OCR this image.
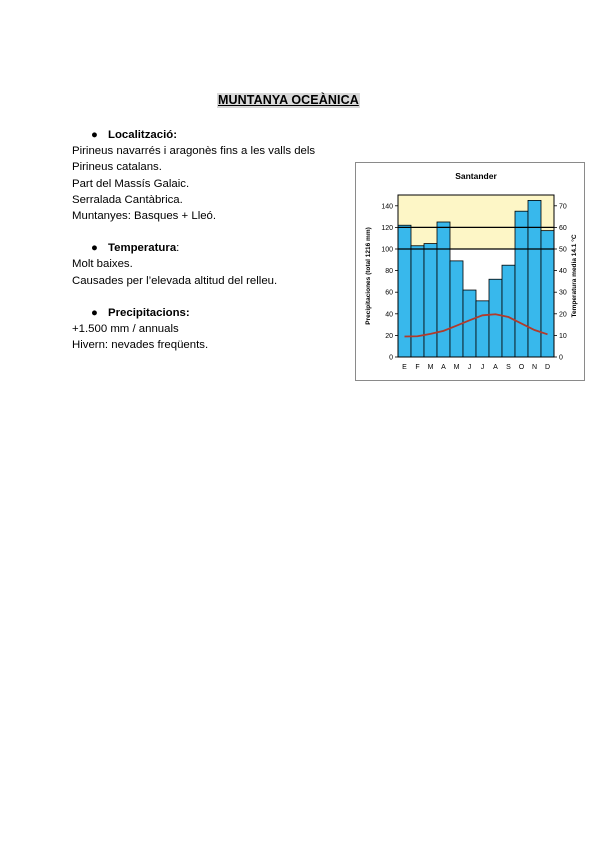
MUNTANYA OCEÀNICA
● Localització:
Pirineus navarrés i aragonès fins a les valls dels
Pirineus catalans.
Part del Massís Galaic.
Serralada Cantàbrica.
Muntanyes: Basques + Lleó.
● Temperatura:
Molt baixes.
Causades per l’elevada altitud del relleu.
● Precipitacions:
+1.500 mm / annuals
Hivern: nevades freqüents.
0
20
40
60
80
100
120
140
0
10
20
30
40
50
60
70
E F M A M J J A S O N D
Santander
Precipitaciones (total 1216 mm)	Temperatura media 14.1 °C
